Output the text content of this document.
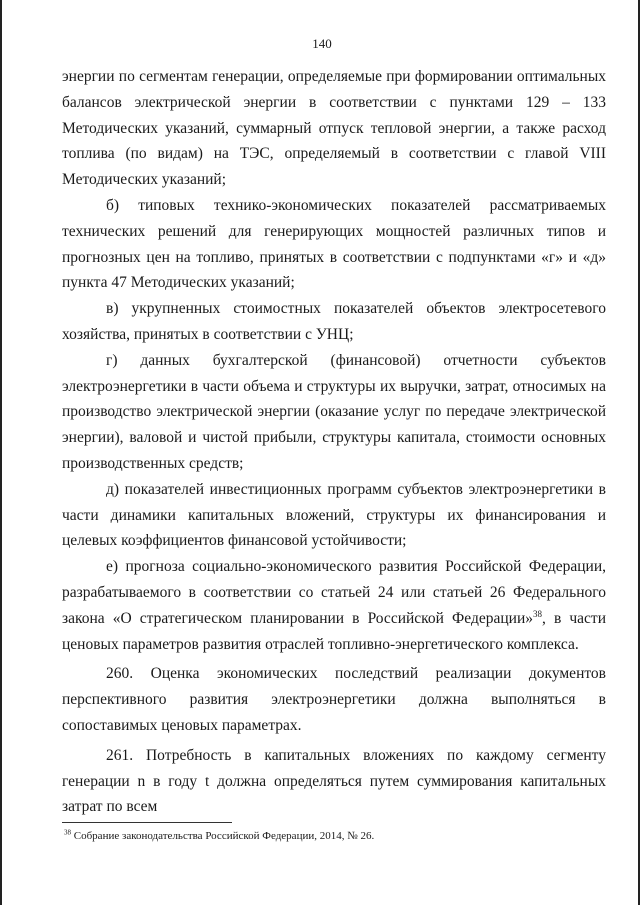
140

энергии по сегментам генерации, определяемые при формировании оптимальных балансов электрической энергии в соответствии с пунктами 129 – 133 Методических указаний, суммарный отпуск тепловой энергии, а также расход топлива (по видам) на ТЭС, определяемый в соответствии с главой VIII Методических указаний;

б) типовых технико-экономических показателей рассматриваемых технических решений для генерирующих мощностей различных типов и прогнозных цен на топливо, принятых в соответствии с подпунктами «г» и «д» пункта 47 Методических указаний;

в) укрупненных стоимостных показателей объектов электросетевого хозяйства, принятых в соответствии с УНЦ;

г) данных бухгалтерской (финансовой) отчетности субъектов электроэнергетики в части объема и структуры их выручки, затрат, относимых на производство электрической энергии (оказание услуг по передаче электрической энергии), валовой и чистой прибыли, структуры капитала, стоимости основных производственных средств;

д) показателей инвестиционных программ субъектов электроэнергетики в части динамики капитальных вложений, структуры их финансирования и целевых коэффициентов финансовой устойчивости;

е) прогноза социально-экономического развития Российской Федерации, разрабатываемого в соответствии со статьей 24 или статьей 26 Федерального закона «О стратегическом планировании в Российской Федерации»$^{38}$, в части ценовых параметров развития отраслей топливно-энергетического комплекса.

260. Оценка экономических последствий реализации документов перспективного развития электроэнергетики должна выполняться в сопоставимых ценовых параметрах.

261. Потребность в капитальных вложениях по каждому сегменту генерации n в году t должна определяться путем суммирования капитальных затрат по всем

$^{38}$ Собрание законодательства Российской Федерации, 2014, № 26.
